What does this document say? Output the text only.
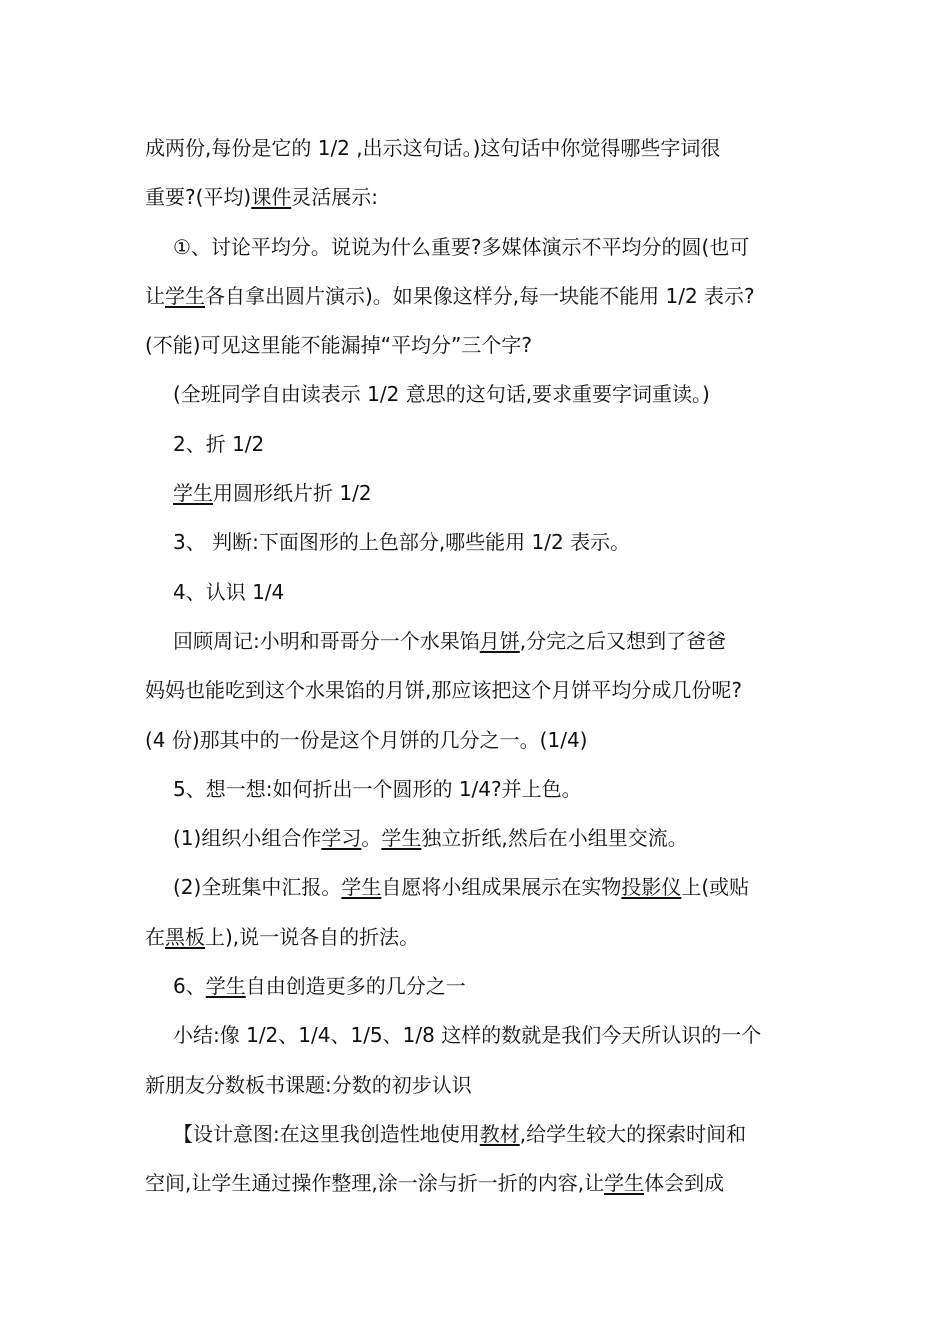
成两份,每份是它的 1/2 ,出示这句话。)这句话中你觉得哪些字词很
重要?(平均)课件灵活展示:
①、讨论平均分。说说为什么重要?多媒体演示不平均分的圆(也可
让学生各自拿出圆片演示)。如果像这样分,每一块能不能用 1/2 表示?
(不能)可见这里能不能漏掉“平均分”三个字?
(全班同学自由读表示 1/2 意思的这句话,要求重要字词重读。)
2、折 1/2
学生用圆形纸片折 1/2
3、 判断:下面图形的上色部分,哪些能用 1/2 表示。
4、认识 1/4
回顾周记:小明和哥哥分一个水果馅月饼,分完之后又想到了爸爸
妈妈也能吃到这个水果馅的月饼,那应该把这个月饼平均分成几份呢?
(4 份)那其中的一份是这个月饼的几分之一。(1/4)
5、想一想:如何折出一个圆形的 1/4?并上色。
(1)组织小组合作学习。学生独立折纸,然后在小组里交流。
(2)全班集中汇报。学生自愿将小组成果展示在实物投影仪上(或贴
在黑板上),说一说各自的折法。
6、学生自由创造更多的几分之一
小结:像 1/2、1/4、1/5、1/8 这样的数就是我们今天所认识的一个
新朋友分数板书课题:分数的初步认识
【设计意图:在这里我创造性地使用教材,给学生较大的探索时间和
空间,让学生通过操作整理,涂一涂与折一折的内容,让学生体会到成
